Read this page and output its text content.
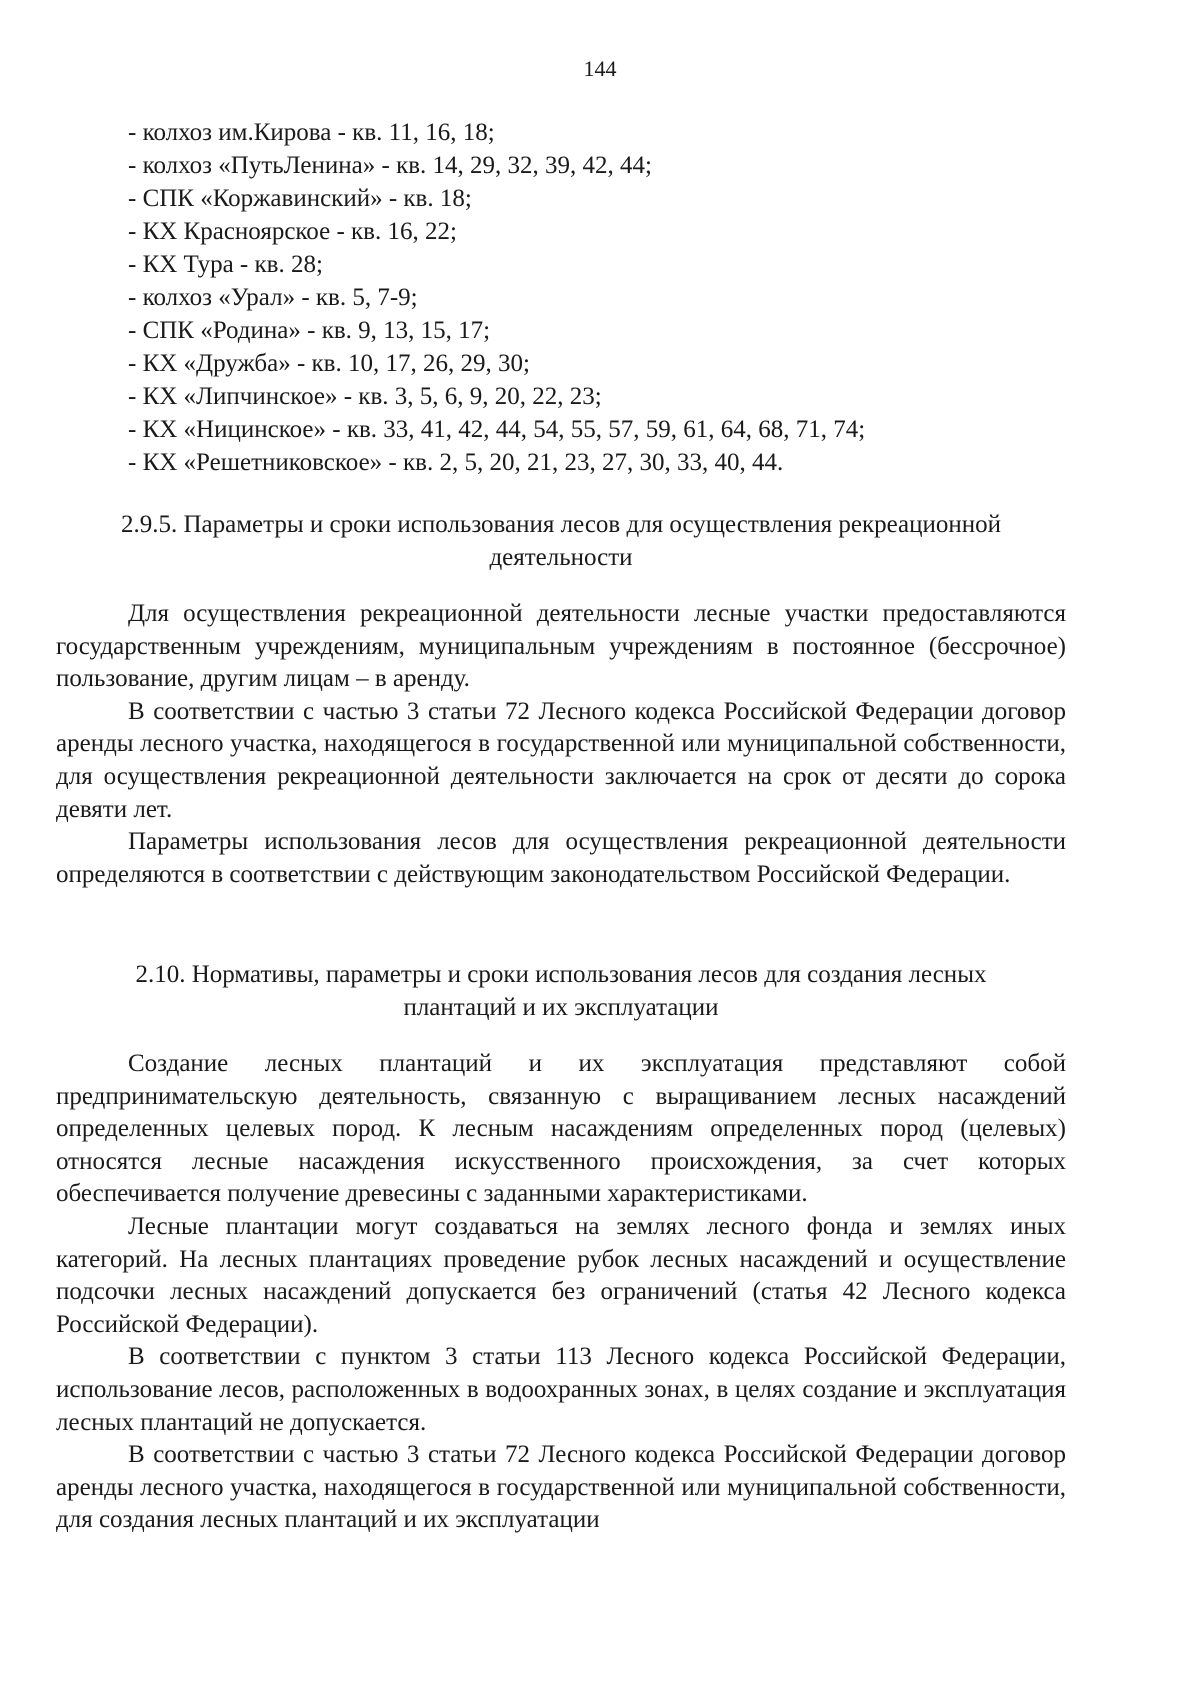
144
- колхоз им.Кирова - кв. 11, 16, 18;
- колхоз «ПутьЛенина» - кв. 14, 29, 32, 39, 42, 44;
- СПК «Коржавинский» - кв. 18;
- КХ Красноярское - кв. 16, 22;
- КХ Тура - кв. 28;
- колхоз «Урал» - кв. 5, 7-9;
- СПК «Родина» - кв. 9, 13, 15, 17;
- КХ «Дружба» - кв. 10, 17, 26, 29, 30;
- КХ «Липчинское» - кв. 3, 5, 6, 9, 20, 22, 23;
- КХ «Ницинское» - кв. 33, 41, 42, 44, 54, 55, 57, 59, 61, 64, 68, 71, 74;
- КХ «Решетниковское» - кв. 2, 5, 20, 21, 23, 27, 30, 33, 40, 44.
2.9.5. Параметры и сроки использования лесов для осуществления рекреационной
деятельности

Для осуществления рекреационной деятельности лесные участки предоставляются государственным учреждениям, муниципальным учреждениям в постоянное (бессрочное) пользование, другим лицам – в аренду.

В соответствии с частью 3 статьи 72 Лесного кодекса Российской Федерации договор аренды лесного участка, находящегося в государственной или муниципальной собственности, для осуществления рекреационной деятельности заключается на срок от десяти до сорока девяти лет.

Параметры использования лесов для осуществления рекреационной деятельности определяются в соответствии с действующим законодательством Российской Федерации.

2.10. Нормативы, параметры и сроки использования лесов для создания лесных
плантаций и их эксплуатации

Создание лесных плантаций и их эксплуатация представляют собой предпринимательскую деятельность, связанную с выращиванием лесных насаждений определенных целевых пород. К лесным насаждениям определенных пород (целевых) относятся лесные насаждения искусственного происхождения, за счет которых обеспечивается получение древесины с заданными характеристиками.

Лесные плантации могут создаваться на землях лесного фонда и землях иных категорий. На лесных плантациях проведение рубок лесных насаждений и осуществление подсочки лесных насаждений допускается без ограничений (статья 42 Лесного кодекса Российской Федерации).

В соответствии с пунктом 3 статьи 113 Лесного кодекса Российской Федерации, использование лесов, расположенных в водоохранных зонах, в целях создание и эксплуатация лесных плантаций не допускается.

В соответствии с частью 3 статьи 72 Лесного кодекса Российской Федерации договор аренды лесного участка, находящегося в государственной или муниципальной собственности, для создания лесных плантаций и их эксплуатации
